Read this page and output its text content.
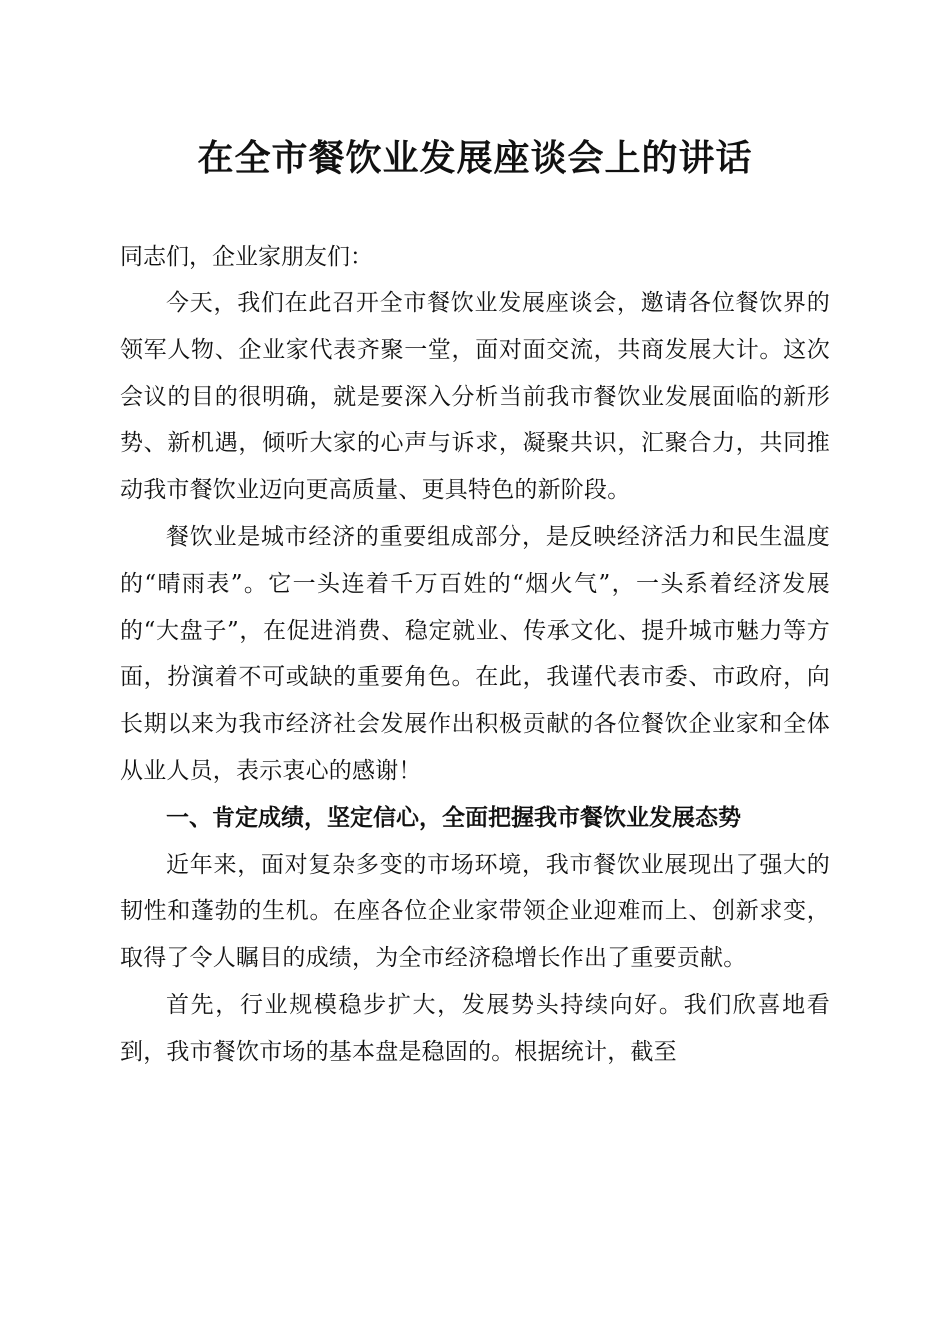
在全市餐饮业发展座谈会上的讲话

同志们，企业家朋友们：

今天，我们在此召开全市餐饮业发展座谈会，邀请各位餐饮界的领军人物、企业家代表齐聚一堂，面对面交流，共商发展大计。这次会议的目的很明确，就是要深入分析当前我市餐饮业发展面临的新形势、新机遇，倾听大家的心声与诉求，凝聚共识，汇聚合力，共同推动我市餐饮业迈向更高质量、更具特色的新阶段。

餐饮业是城市经济的重要组成部分，是反映经济活力和民生温度的“晴雨表”。它一头连着千万百姓的“烟火气”，一头系着经济发展的“大盘子”，在促进消费、稳定就业、传承文化、提升城市魅力等方面，扮演着不可或缺的重要角色。在此，我谨代表市委、市政府，向长期以来为我市经济社会发展作出积极贡献的各位餐饮企业家和全体从业人员，表示衷心的感谢！

一、肯定成绩，坚定信心，全面把握我市餐饮业发展态势

近年来，面对复杂多变的市场环境，我市餐饮业展现出了强大的韧性和蓬勃的生机。在座各位企业家带领企业迎难而上、创新求变，取得了令人瞩目的成绩，为全市经济稳增长作出了重要贡献。

首先，行业规模稳步扩大，发展势头持续向好。我们欣喜地看到，我市餐饮市场的基本盘是稳固的。根据统计，截至
